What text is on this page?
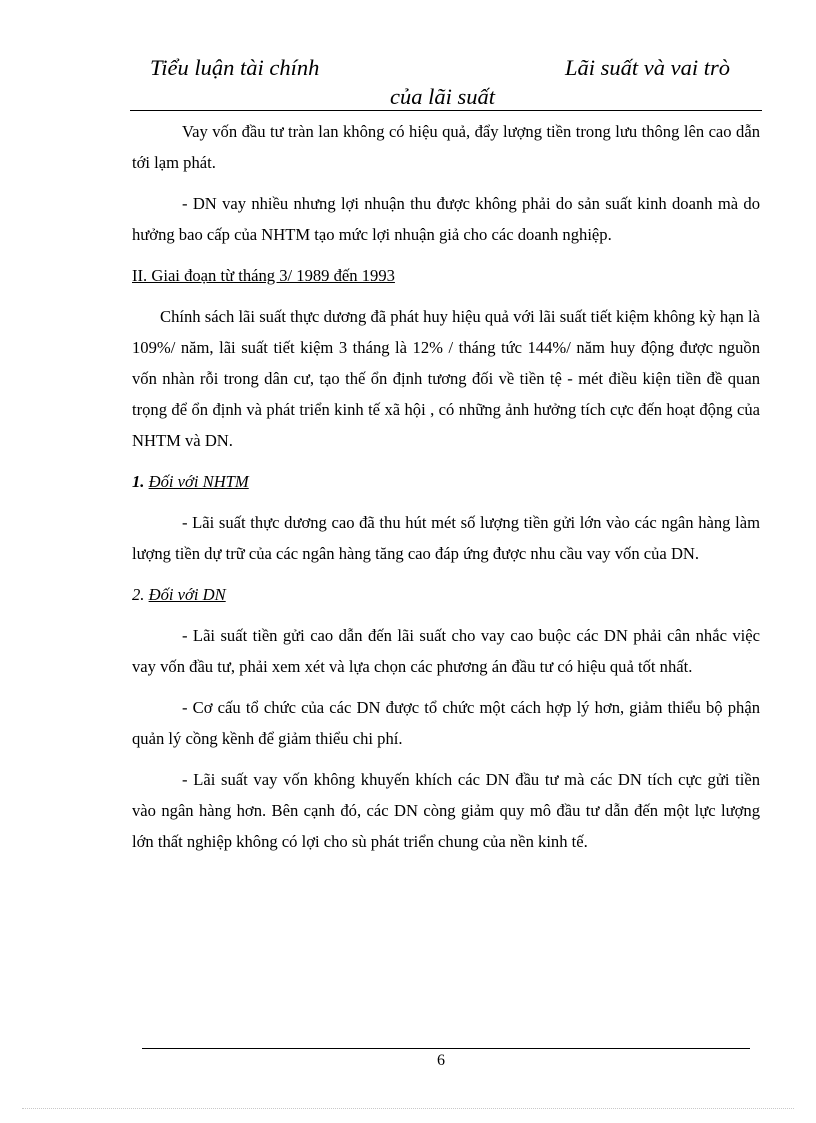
Tiểu luận tài chính	Lãi suất và vai trò
của lãi suất

Vay vốn đầu tư tràn lan không có hiệu quả, đẩy lượng tiền trong lưu thông lên cao dẫn tới lạm phát.

- DN vay nhiều nhưng lợi nhuận thu được không phải do sản suất kinh doanh mà do hưởng bao cấp của NHTM tạo mức lợi nhuận giả cho các doanh nghiệp.

II. Giai đoạn từ tháng 3/ 1989 đến 1993

Chính sách lãi suất thực dương đã phát huy hiệu quả với lãi suất tiết kiệm không kỳ hạn là 109%/ năm, lãi suất tiết kiệm 3 tháng là 12% / tháng tức 144%/ năm huy động được nguồn vốn nhàn rỗi trong dân cư, tạo thế ổn định tương đối về tiền tệ - mét điều kiện tiền đề quan trọng để ổn định và phát triển kinh tế xã hội , có những ảnh hưởng tích cực đến hoạt động của NHTM và DN.

1. Đối với NHTM

- Lãi suất thực dương cao đã thu hút mét số lượng tiền gửi lớn vào các ngân hàng làm lượng tiền dự trữ của các ngân hàng tăng cao đáp ứng được nhu cầu vay vốn của DN.

2. Đối với DN

- Lãi suất tiền gửi cao dẫn đến lãi suất cho vay cao buộc các DN phải cân nhắc việc vay vốn đầu tư, phải xem xét và lựa chọn các phương án đầu tư có hiệu quả tốt nhất.

- Cơ cấu tổ chức của các DN được tổ chức một cách hợp lý hơn, giảm thiểu bộ phận quản lý cồng kềnh để giảm thiểu chi phí.

- Lãi suất vay vốn không khuyến khích các DN đầu tư mà các DN tích cực gửi tiền vào ngân hàng hơn. Bên cạnh đó, các DN còng giảm quy mô đầu tư dẫn đến một lực lượng lớn thất nghiệp không có lợi cho sù phát triển chung của nền kinh tế.

6
